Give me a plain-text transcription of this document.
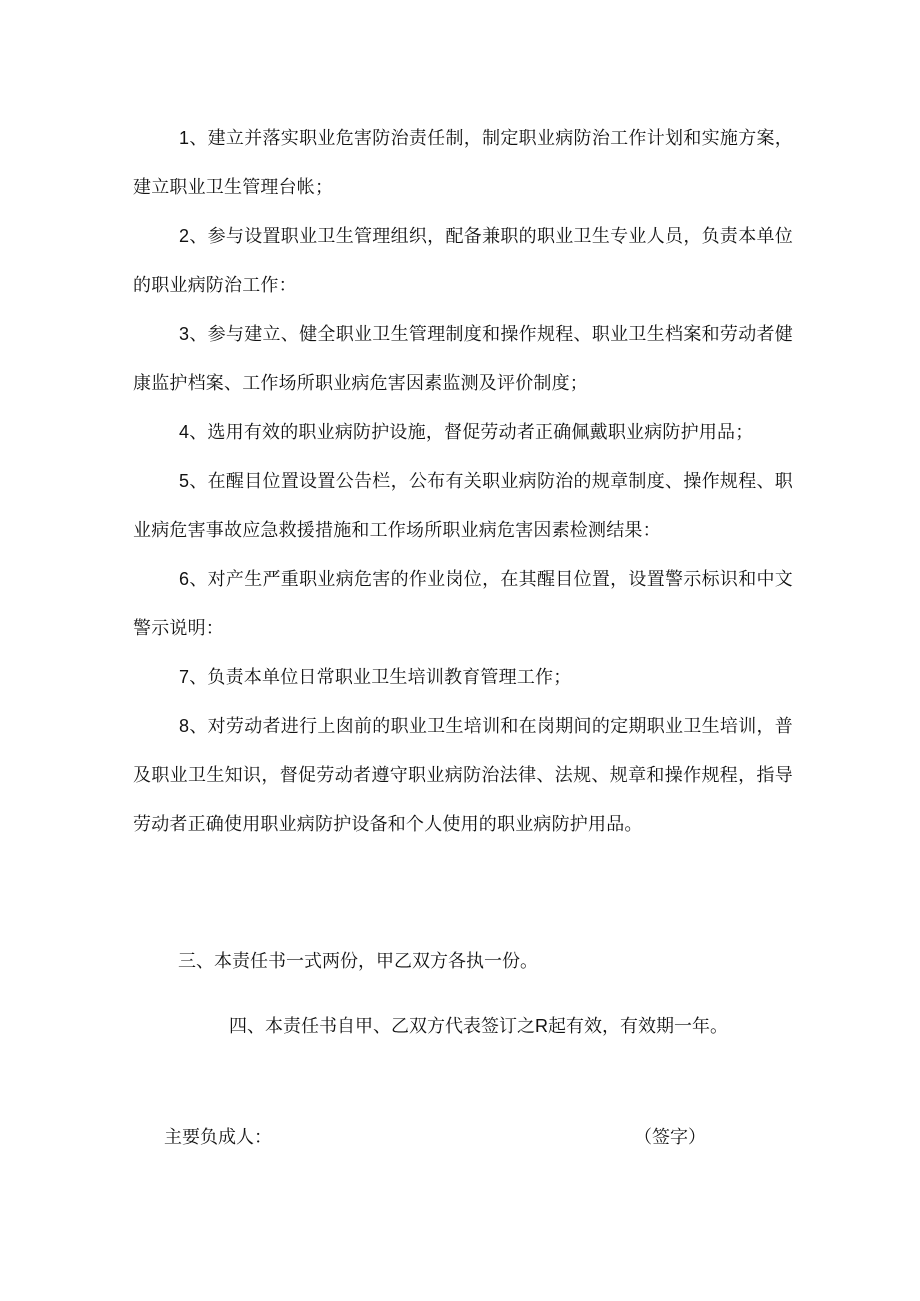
1、建立并落实职业危害防治责任制，制定职业病防治工作计划和实施方案，建立职业卫生管理台帐；

2、参与设置职业卫生管理组织，配备兼职的职业卫生专业人员，负责本单位的职业病防治工作：

3、参与建立、健全职业卫生管理制度和操作规程、职业卫生档案和劳动者健康监护档案、工作场所职业病危害因素监测及评价制度；

4、选用有效的职业病防护设施，督促劳动者正确佩戴职业病防护用品；

5、在醒目位置设置公告栏，公布有关职业病防治的规章制度、操作规程、职业病危害事故应急救援措施和工作场所职业病危害因素检测结果：

6、对产生严重职业病危害的作业岗位，在其醒目位置，设置警示标识和中文警示说明：

7、负责本单位日常职业卫生培训教育管理工作；

8、对劳动者进行上囱前的职业卫生培训和在岗期间的定期职业卫生培训，普及职业卫生知识，督促劳动者遵守职业病防治法律、法规、规章和操作规程，指导劳动者正确使用职业病防护设备和个人使用的职业病防护用品。

三、本责任书一式两份，甲乙双方各执一份。

四、本责任书自甲、乙双方代表签订之R起有效，有效期一年。

主要负成人：	（签字）
